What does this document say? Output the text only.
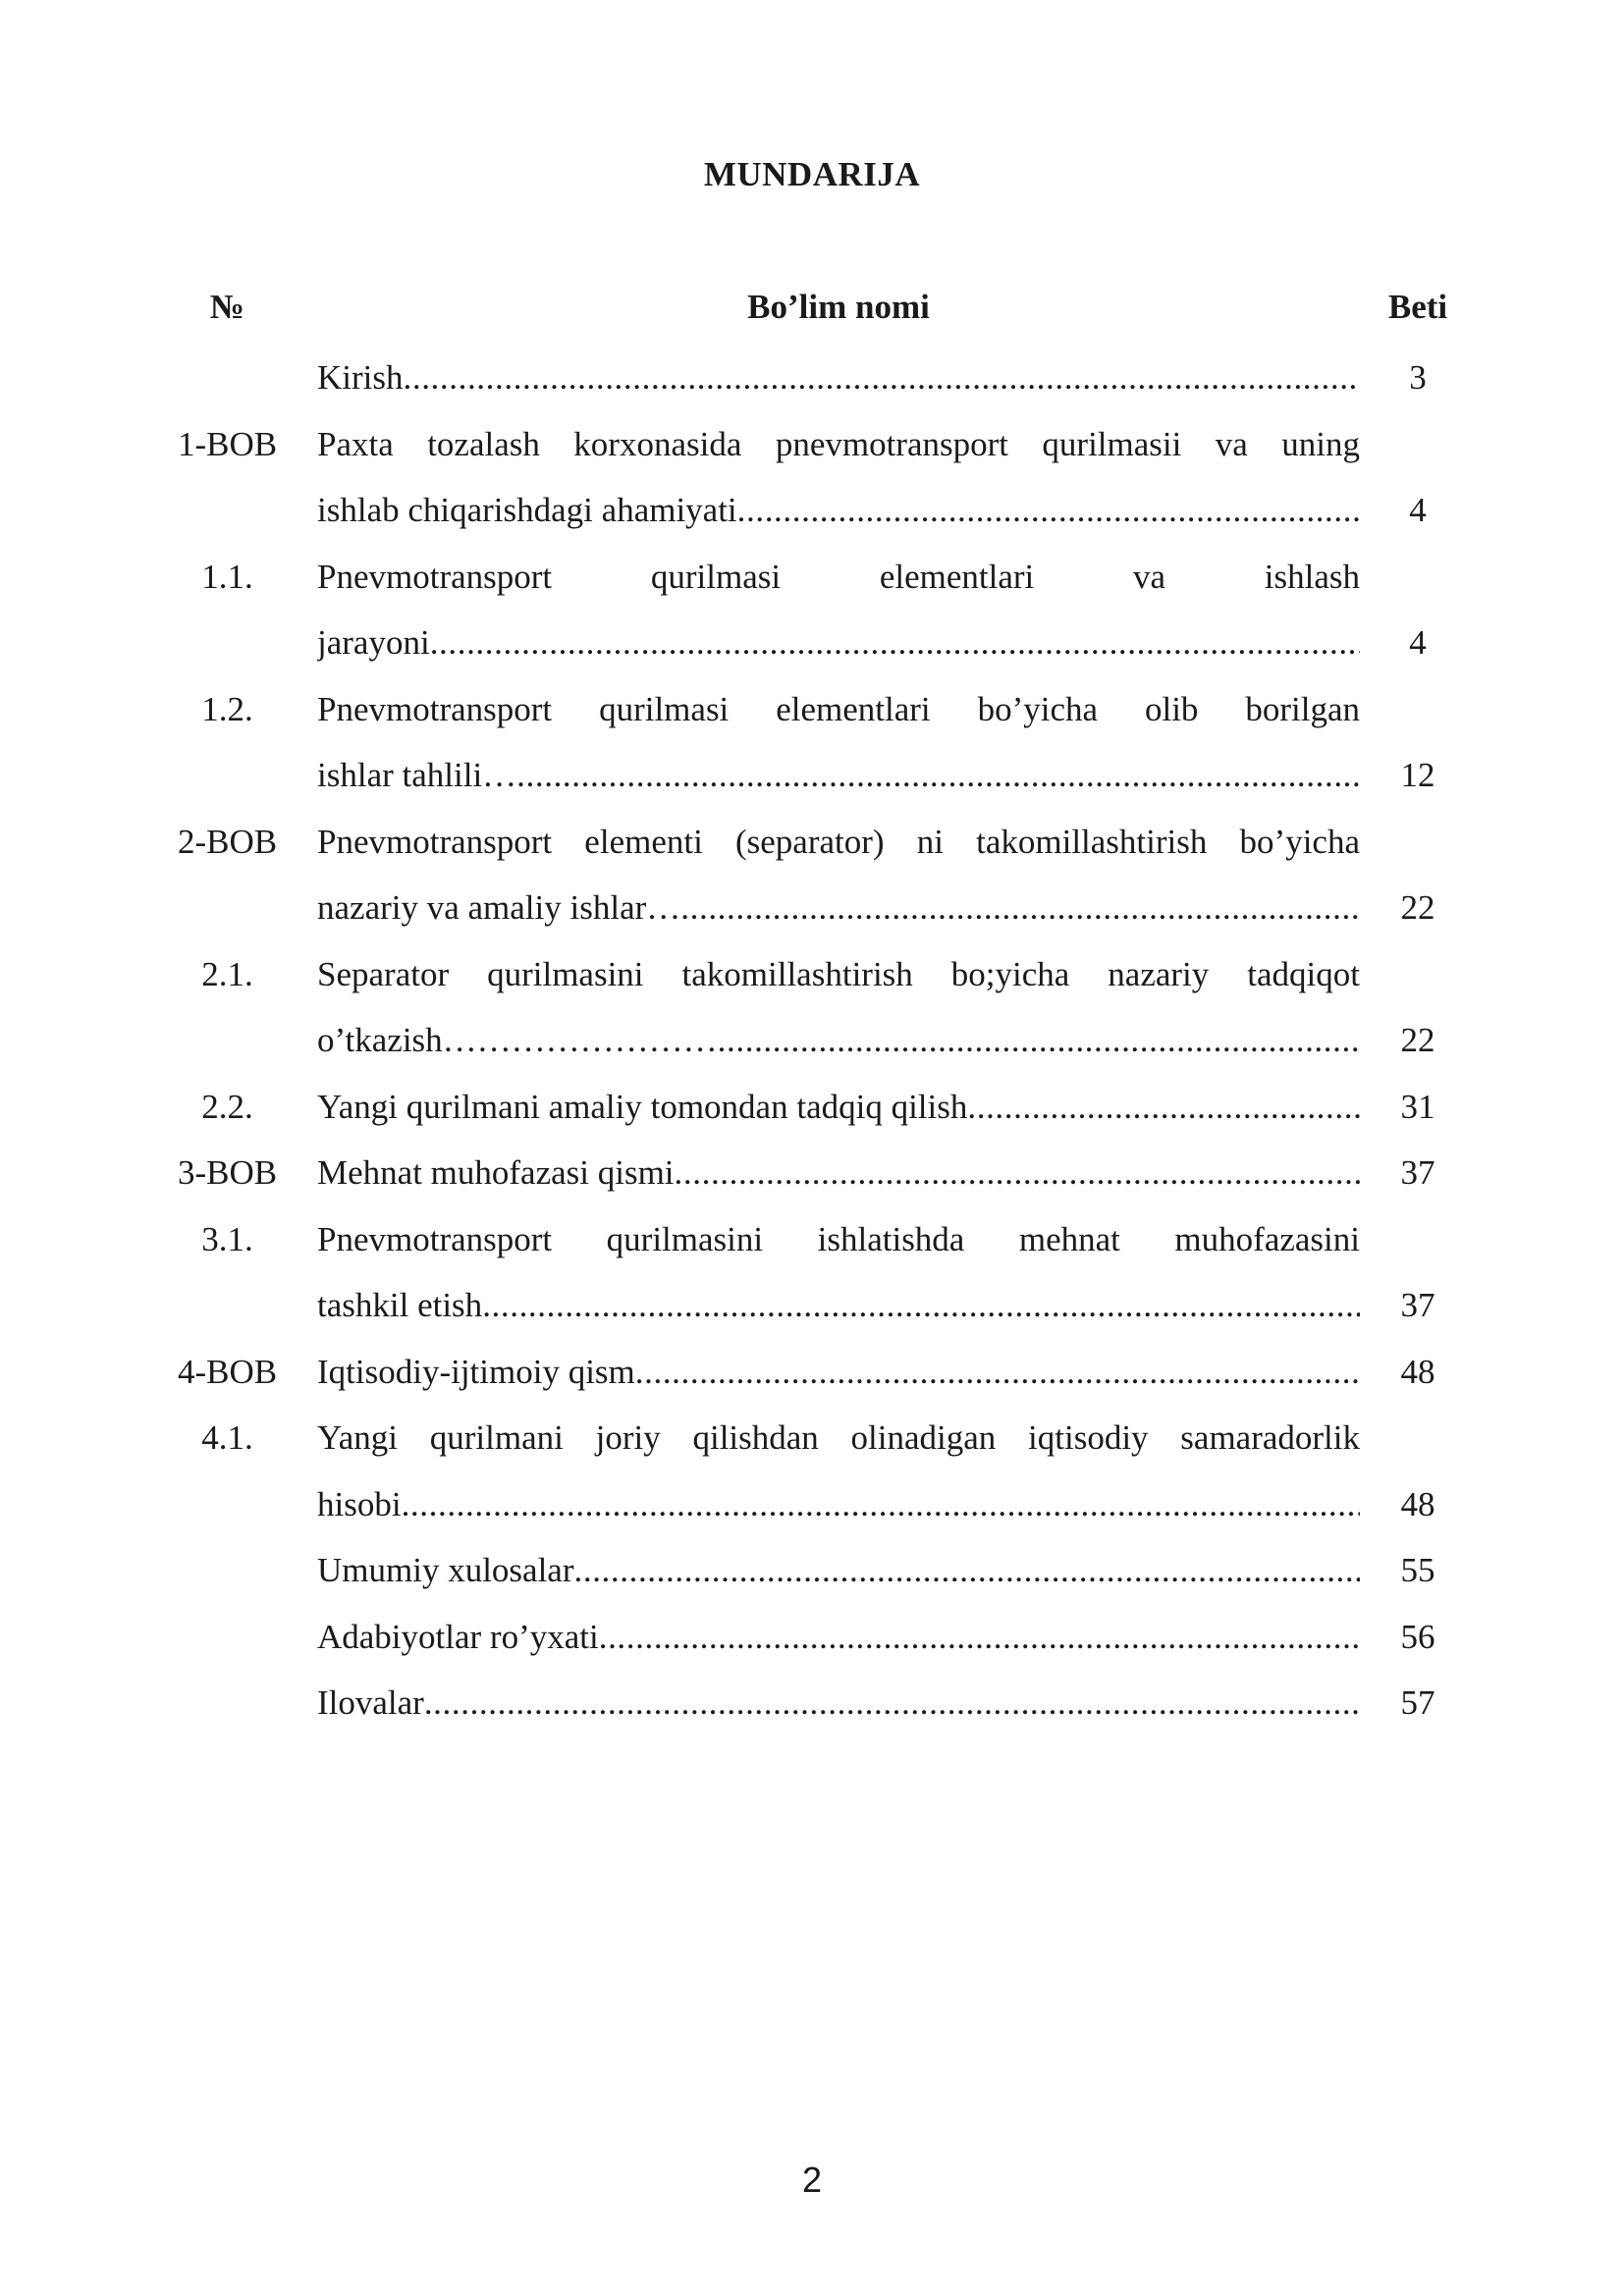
MUNDARIJA
№	Bo’lim nomi	Beti
Kirish .....	3
1-BOB	Paxta tozalash korxonasida pnevmotransport qurilmasii va uning
ishlab chiqarishdagi ahamiyati .....	4
1.1.	Pnevmotransport qurilmasi elementlari va ishlash
jarayoni .....	4
1.2.	Pnevmotransport qurilmasi elementlari bo’yicha olib borilgan
ishlar tahlili… .....	12
2-BOB	Pnevmotransport elementi (separator) ni takomillashtirish bo’yicha
nazariy va amaliy ishlar… .....	22
2.1.	Separator qurilmasini takomillashtirish bo;yicha nazariy tadqiqot
o’tkazish…………………… .....	22
2.2.	Yangi qurilmani amaliy tomondan tadqiq qilish .....	31
3-BOB	Mehnat muhofazasi qismi .....	37
3.1.	Pnevmotransport qurilmasini ishlatishda mehnat muhofazasini
tashkil etish .....	37
4-BOB	Iqtisodiy-ijtimoiy qism .....	48
4.1.	Yangi qurilmani joriy qilishdan olinadigan iqtisodiy samaradorlik
hisobi .....	48
Umumiy xulosalar .....	55
Adabiyotlar ro’yxati .....	56
Ilovalar .....	57
2
